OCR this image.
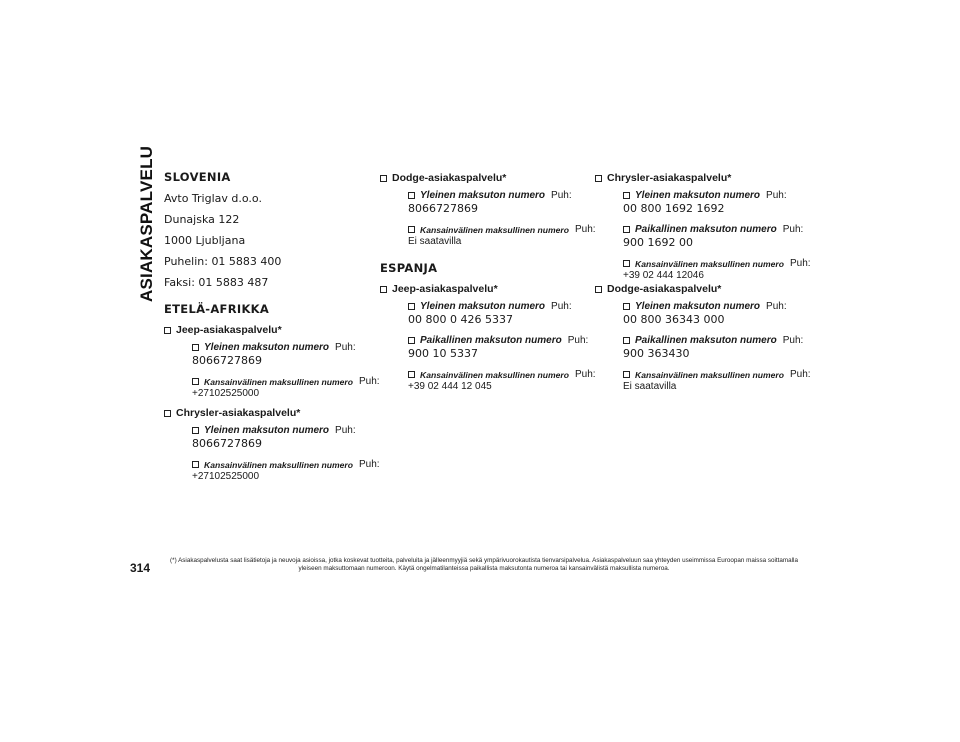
ASIAKASPALVELU SLOVENIA
Avto Triglav d.o.o.
Dunajska 122
1000 Ljubljana
Puhelin: 01 5883 400
Faksi: 01 5883 487
ETELÄ-AFRIKKA
Jeep-asiakaspalvelu*
Yleinen maksuton numero Puh:
8066727869
Kansainvälinen maksullinen numero Puh:
+27102525000
Chrysler-asiakaspalvelu*
Yleinen maksuton numero Puh:
8066727869
Kansainvälinen maksullinen numero Puh:
+27102525000
Dodge-asiakaspalvelu*
Yleinen maksuton numero Puh:
8066727869
Kansainvälinen maksullinen numero Puh:
Ei saatavilla
ESPANJA
Jeep-asiakaspalvelu*
Yleinen maksuton numero Puh:
00 800 0 426 5337
Paikallinen maksuton numero Puh:
900 10 5337
Kansainvälinen maksullinen numero Puh:
+39 02 444 12 045
Chrysler-asiakaspalvelu*
Yleinen maksuton numero Puh:
00 800 1692 1692
Paikallinen maksuton numero Puh:
900 1692 00
Kansainvälinen maksullinen numero Puh:
+39 02 444 12046
Dodge-asiakaspalvelu*
Yleinen maksuton numero Puh:
00 800 36343 000
Paikallinen maksuton numero Puh:
900 363430
Kansainvälinen maksullinen numero Puh:
Ei saatavilla
314
(*) Asiakaspalvelusta saat lisätietoja ja neuvoja asioissa, jotka koskevat tuotteita, palveluita ja jälleenmyyjiä sekä ympärivuorokautista tienvarsipalvelua. Asiakaspalveluun saa yhteyden useimmissa Euroopan maissa soittamalla yleiseen maksuttomaan numeroon. Käytä ongelmatilanteissa paikallista maksutonta numeroa tai kansainvälistä maksullista numeroa.
